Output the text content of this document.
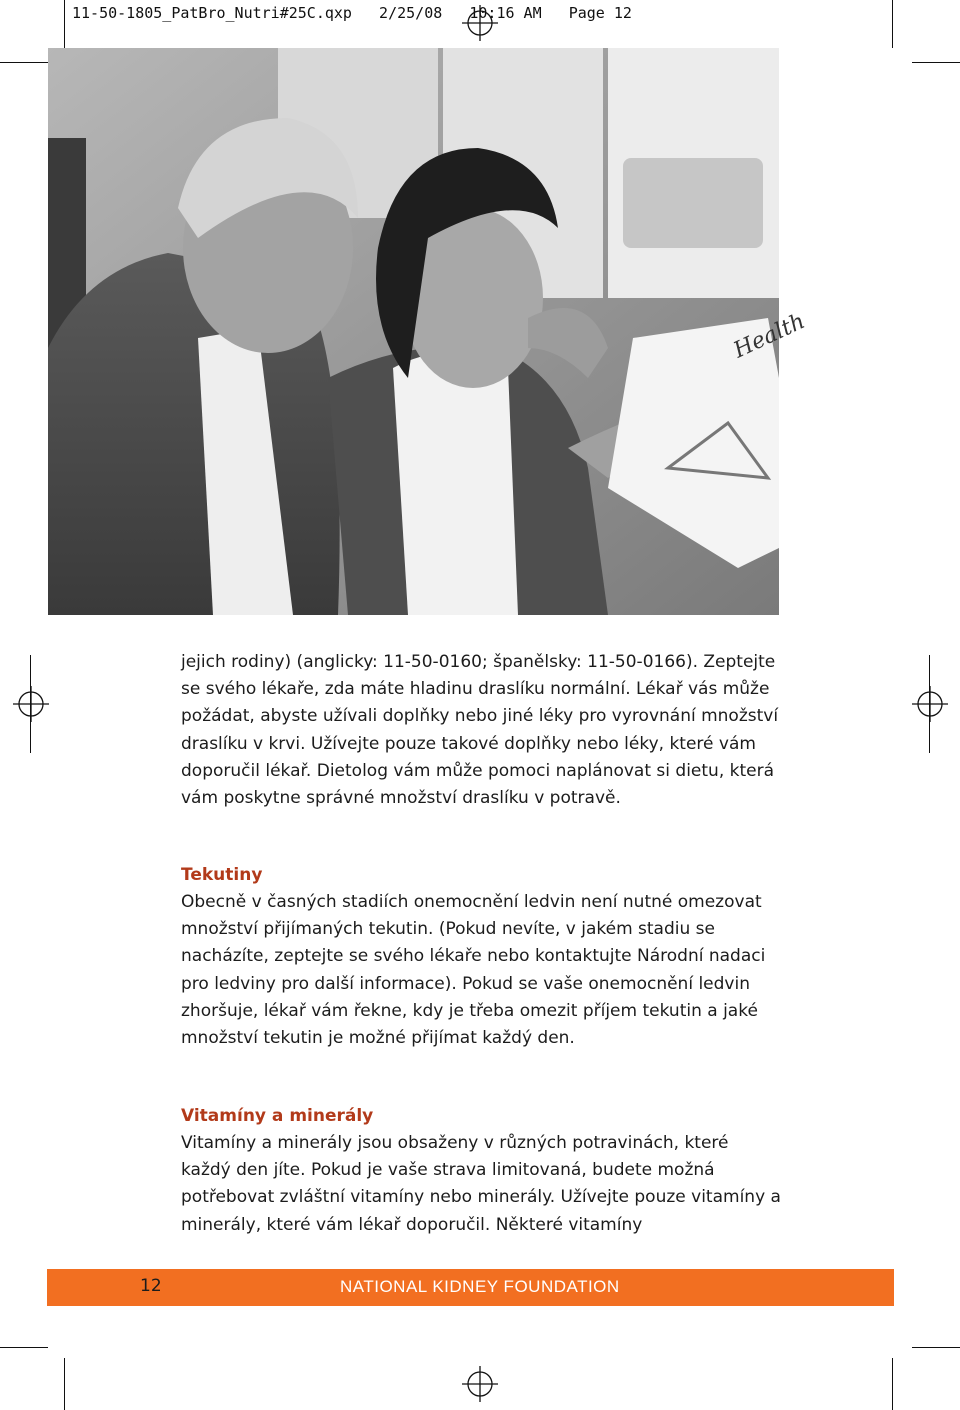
11-50-1805_PatBro_Nutri#25C.qxp   2/25/08   10:16 AM   Page 12
Health

jejich rodiny) (anglicky: 11-50-0160; španělsky: 11-50-0166). Zeptejte se svého lékaře, zda máte hladinu draslíku normální. Lékař vás může požádat, abyste užívali doplňky nebo jiné léky pro vyrovnání množství draslíku v krvi. Užívejte pouze takové doplňky nebo léky, které vám doporučil lékař. Dietolog vám může pomoci naplánovat si dietu, která vám poskytne správné množství draslíku v potravě.

Tekutiny

Obecně v časných stadiích onemocnění ledvin není nutné omezovat množství přijímaných tekutin. (Pokud nevíte, v jakém stadiu se nacházíte, zeptejte se svého lékaře nebo kontaktujte Národní nadaci pro ledviny pro další informace). Pokud se vaše onemocnění ledvin zhoršuje, lékař vám řekne, kdy je třeba omezit příjem tekutin a jaké množství tekutin je možné přijímat každý den.

Vitamíny a minerály

Vitamíny a minerály jsou obsaženy v různých potravinách, které každý den jíte. Pokud je vaše strava limitovaná, budete možná potřebovat zvláštní vitamíny nebo minerály. Užívejte pouze vitamíny a minerály, které vám lékař doporučil. Některé vitamíny

12	NATIONAL KIDNEY FOUNDATION
